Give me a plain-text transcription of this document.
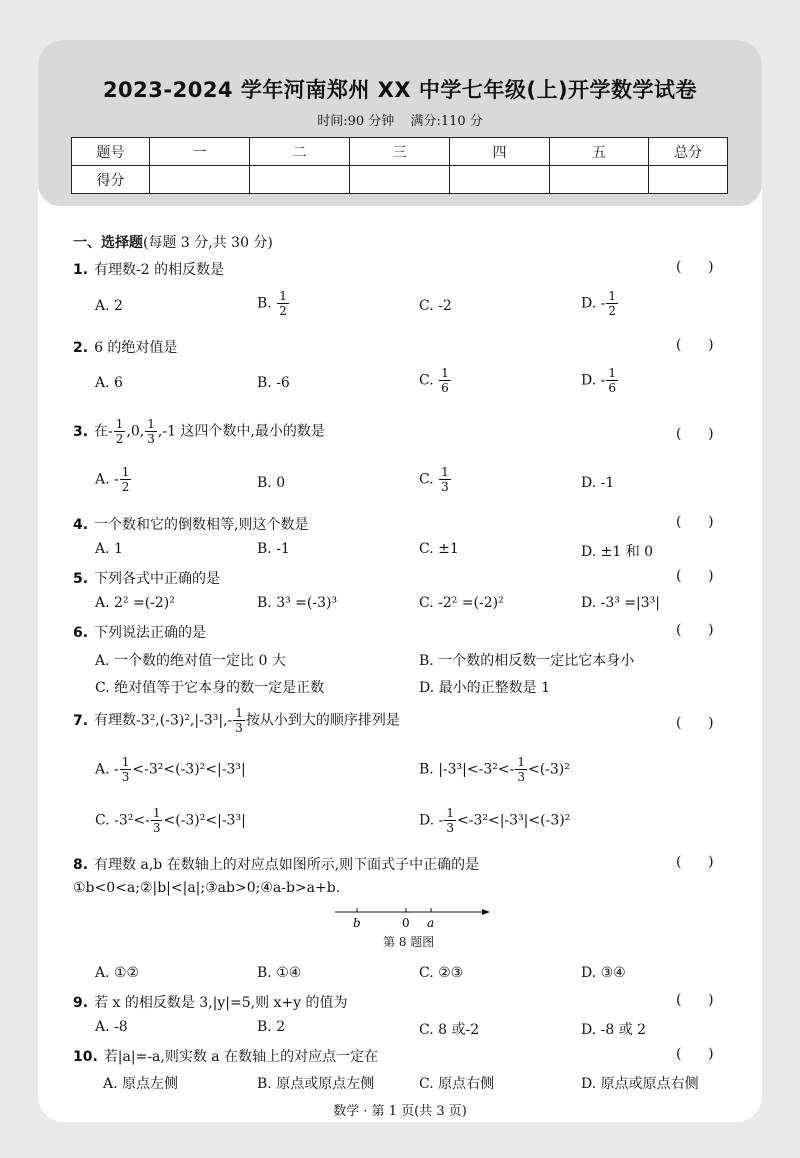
2023-2024 学年河南郑州 XX 中学七年级(上)开学数学试卷
时间:90 分钟 满分:110 分
题号	一	二	三	四	五	总分
得分						
一、选择题(每题 3 分,共 30 分)
1. 有理数-2 的相反数是	(      )
A. 2	B. $\frac{1}{2}$	C. -2	D. - $\frac{1}{2}$
2. 6 的绝对值是	(      )
A. 6	B. -6	C. $\frac{1}{6}$	D. - $\frac{1}{6}$
3. 在- $\frac{1}{2} ,0$, $\frac{1}{3} ,-1$ 这四个数中,最小的数是	(      )
A. - $\frac{1}{2}$	B. 0	C. $\frac{1}{3}$	D. -1
4. 一个数和它的倒数相等,则这个数是	(      )
A. 1	B. -1	C. ±1	D. ±1 和 0
5. 下列各式中正确的是	(      )
A. 2² =(-2)²	B. 3³ =(-3)³	C. -2² =(-2)²	D. -3³ =|3³|
6. 下列说法正确的是	(      )
A. 一个数的绝对值一定比 0 大	B. 一个数的相反数一定比它本身小
C. 绝对值等于它本身的数一定是正数	D. 最小的正整数是 1
7. 有理数$-3^2,(-3)^2,|-3^3|,- \frac{1}{3}$ 按从小到大的顺序排列是	(      )
A. - $\frac{1}{3} <-3^2<(-3)^2<|-3^3|$	B. $|-3^3|<-3^2<- \frac{1}{3} <(-3)^2$
C. $-3^2<- \frac{1}{3} <(-3)^2<|-3^3|$	D. - $\frac{1}{3} <-3^2<|-3^3|<(-3)^2$
8. 有理数 a,b 在数轴上的对应点如图所示,则下面式子中正确的是	(      )
①b<0<a;②|b|<|a|;③ab>0;④a-b>a+b.
b	0 a
第 8 题图
A. ①②	B. ①④	C. ②③	D. ③④
9. 若 x 的相反数是 3,|y|=5,则 x+y 的值为	(      )
A. -8	B. 2	C. 8 或-2	D. -8 或 2
10. 若|a|=-a,则实数 a 在数轴上的对应点一定在	(      )
A. 原点左侧	B. 原点或原点左侧	C. 原点右侧	D. 原点或原点右侧
数学 · 第 1 页(共 3 页)
